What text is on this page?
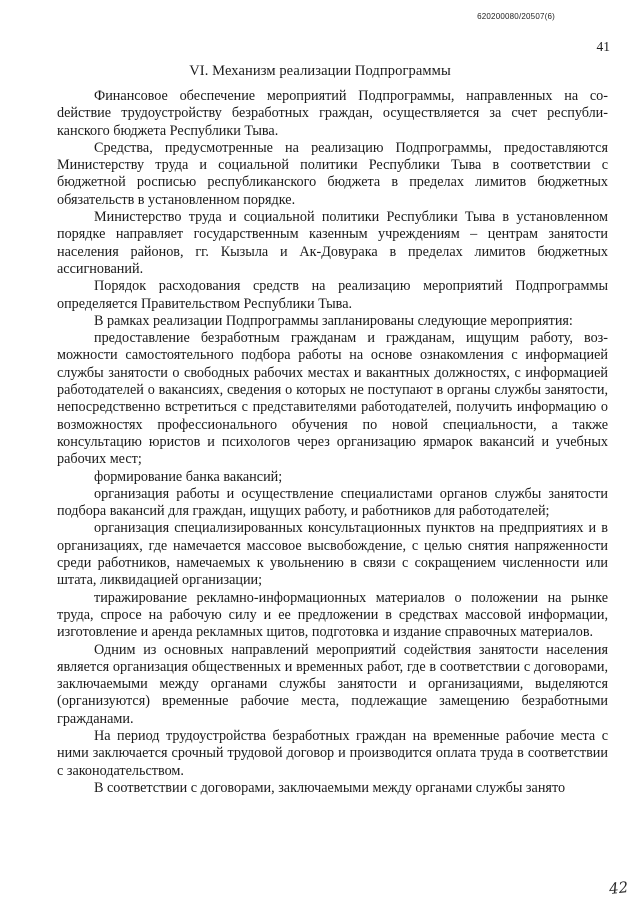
620200080/20507(6)
41
VI. Механизм реализации Подпрограммы

Финансовое обеспечение мероприятий Подпрограммы, направленных на соdействие трудоустройству безработных граждан, осуществляется за счет республиканского бюджета Республики Тыва.

Средства, предусмотренные на реализацию Подпрограммы, предоставляются Министерству труда и социальной политики Республики Тыва в соответствии с бюджетной росписью республиканского бюджета в пределах лимитов бюджетных обязательств в установленном порядке.

Министерство труда и социальной политики Республики Тыва в установленном порядке направляет государственным казенным учреждениям – центрам занятости населения районов, гг. Кызыла и Ак-Довурака в пределах лимитов бюджетных ассигнований.

Порядок расходования средств на реализацию мероприятий Подпрограммы определяется Правительством Республики Тыва.

В рамках реализации Подпрограммы запланированы следующие мероприятия:

предоставление безработным гражданам и гражданам, ищущим работу, возможности самостоятельного подбора работы на основе ознакомления с информацией службы занятости о свободных рабочих местах и вакантных должностях, с информацией работодателей о вакансиях, сведения о которых не поступают в органы службы занятости, непосредственно встретиться с представителями работодателей, получить информацию о возможностях профессионального обучения по новой специальности, а также консультацию юристов и психологов через организацию ярмарок вакансий и учебных рабочих мест;

формирование банка вакансий;

организация работы и осуществление специалистами органов службы занятости подбора вакансий для граждан, ищущих работу, и работников для работодателей;

организация специализированных консультационных пунктов на предприятиях и в организациях, где намечается массовое высвобождение, с целью снятия напряженности среди работников, намечаемых к увольнению в связи с сокращением численности или штата, ликвидацией организации;

тиражирование рекламно-информационных материалов о положении на рынке труда, спросе на рабочую силу и ее предложении в средствах массовой информации, изготовление и аренда рекламных щитов, подготовка и издание справочных материалов.

Одним из основных направлений мероприятий содействия занятости населения является организация общественных и временных работ, где в соответствии с договорами, заключаемыми между органами службы занятости и организациями, выделяются (организуются) временные рабочие места, подлежащие замещению безработными гражданами.

На период трудоустройства безработных граждан на временные рабочие места с ними заключается срочный трудовой договор и производится оплата труда в соответствии с законодательством.

В соответствии с договорами, заключаемыми между органами службы занято

42
